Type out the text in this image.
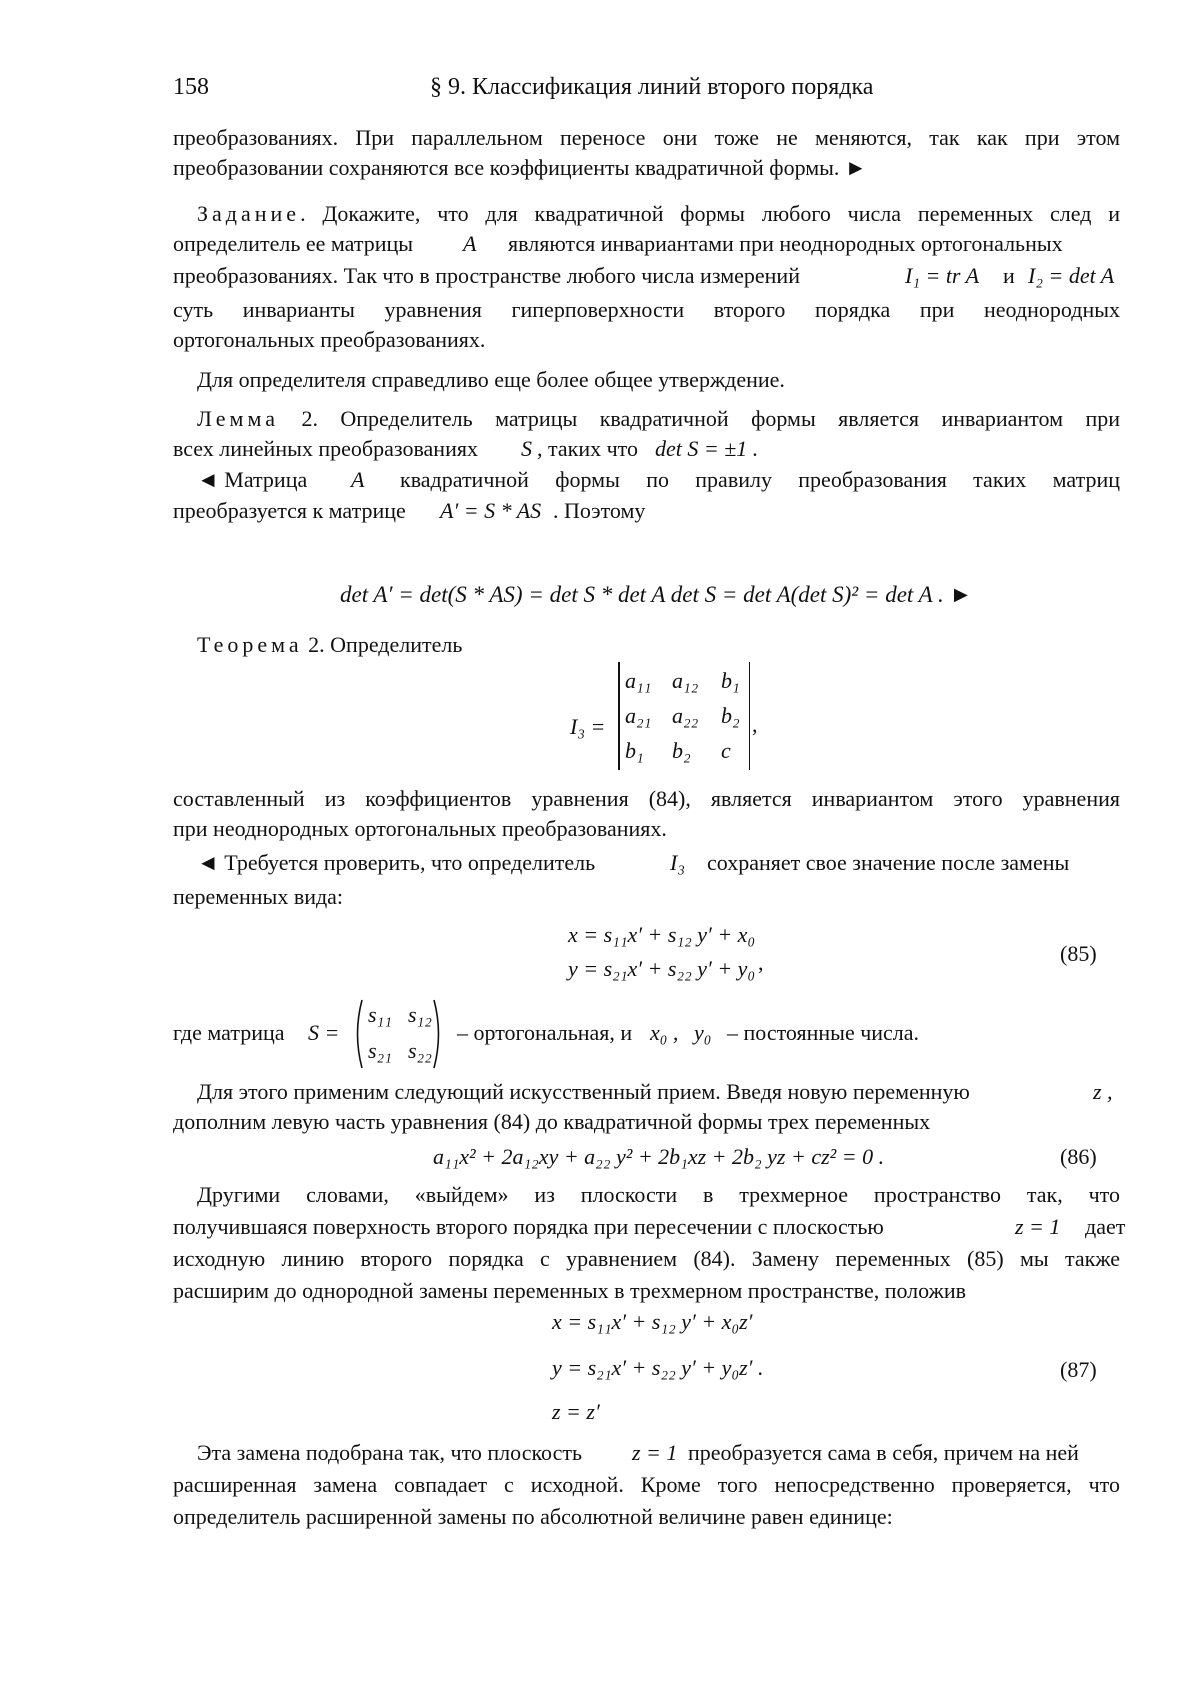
158	§ 9. Классификация линий второго порядка
преобразованиях. При параллельном переносе они тоже не меняются, так как при этом
преобразовании сохраняются все коэффициенты квадратичной формы. ►
Задание. Докажите, что для квадратичной формы любого числа переменных след и
определитель ее матрицы A являются инвариантами при неоднородных ортогональных
преобразованиях. Так что в пространстве любого числа измерений	I₁ = tr A и I₂ = det A
суть инварианты уравнения гиперповерхности второго порядка при неоднородных
ортогональных преобразованиях.
Для определителя справедливо еще более общее утверждение.
Лемма 2. Определитель матрицы квадратичной формы является инвариантом при
всех линейных преобразованиях S , таких что det S = ±1 .
◄ Матрица A квадратичной формы по правилу преобразования таких матриц
преобразуется к матрице A′ = S * AS . Поэтому
det A′ = det(S * AS) = det S * det A det S = det A(det S)² = det A . ►
Теорема 2. Определитель
I₃ =
a₁₁ a₁₂ b₁
a₂₁ a₂₂ b₂
b₁ b₂ c
,
составленный из коэффициентов уравнения (84), является инвариантом этого уравнения
при неоднородных ортогональных преобразованиях.
◄ Требуется проверить, что определитель	I₃ сохраняет свое значение после замены
переменных вида:
x = s₁₁x′ + s₁₂ y′ + x₀
y = s₂₁x′ + s₂₂ y′ + y₀ ,	(85)
где матрица S =
s₁₁ s₁₂
s₂₁ s₂₂
– ортогональная, и x₀ , y₀ – постоянные числа.
Для этого применим следующий искусственный прием. Введя новую переменную	z ,
дополним левую часть уравнения (84) до квадратичной формы трех переменных
a₁₁x² + 2a₁₂xy + a₂₂ y² + 2b₁xz + 2b₂ yz + cz² = 0 .	(86)
Другими словами, «выйдем» из плоскости в трехмерное пространство так, что
получившаяся поверхность второго порядка при пересечении с плоскостью	z = 1 дает
исходную линию второго порядка с уравнением (84). Замену переменных (85) мы также
расширим до однородной замены переменных в трехмерном пространстве, положив
x = s₁₁x′ + s₁₂ y′ + x₀z′
y = s₂₁x′ + s₂₂ y′ + y₀z′ .
z = z′
(87)
Эта замена подобрана так, что плоскость z = 1 преобразуется сама в себя, причем на ней
расширенная замена совпадает с исходной. Кроме того непосредственно проверяется, что
определитель расширенной замены по абсолютной величине равен единице:
